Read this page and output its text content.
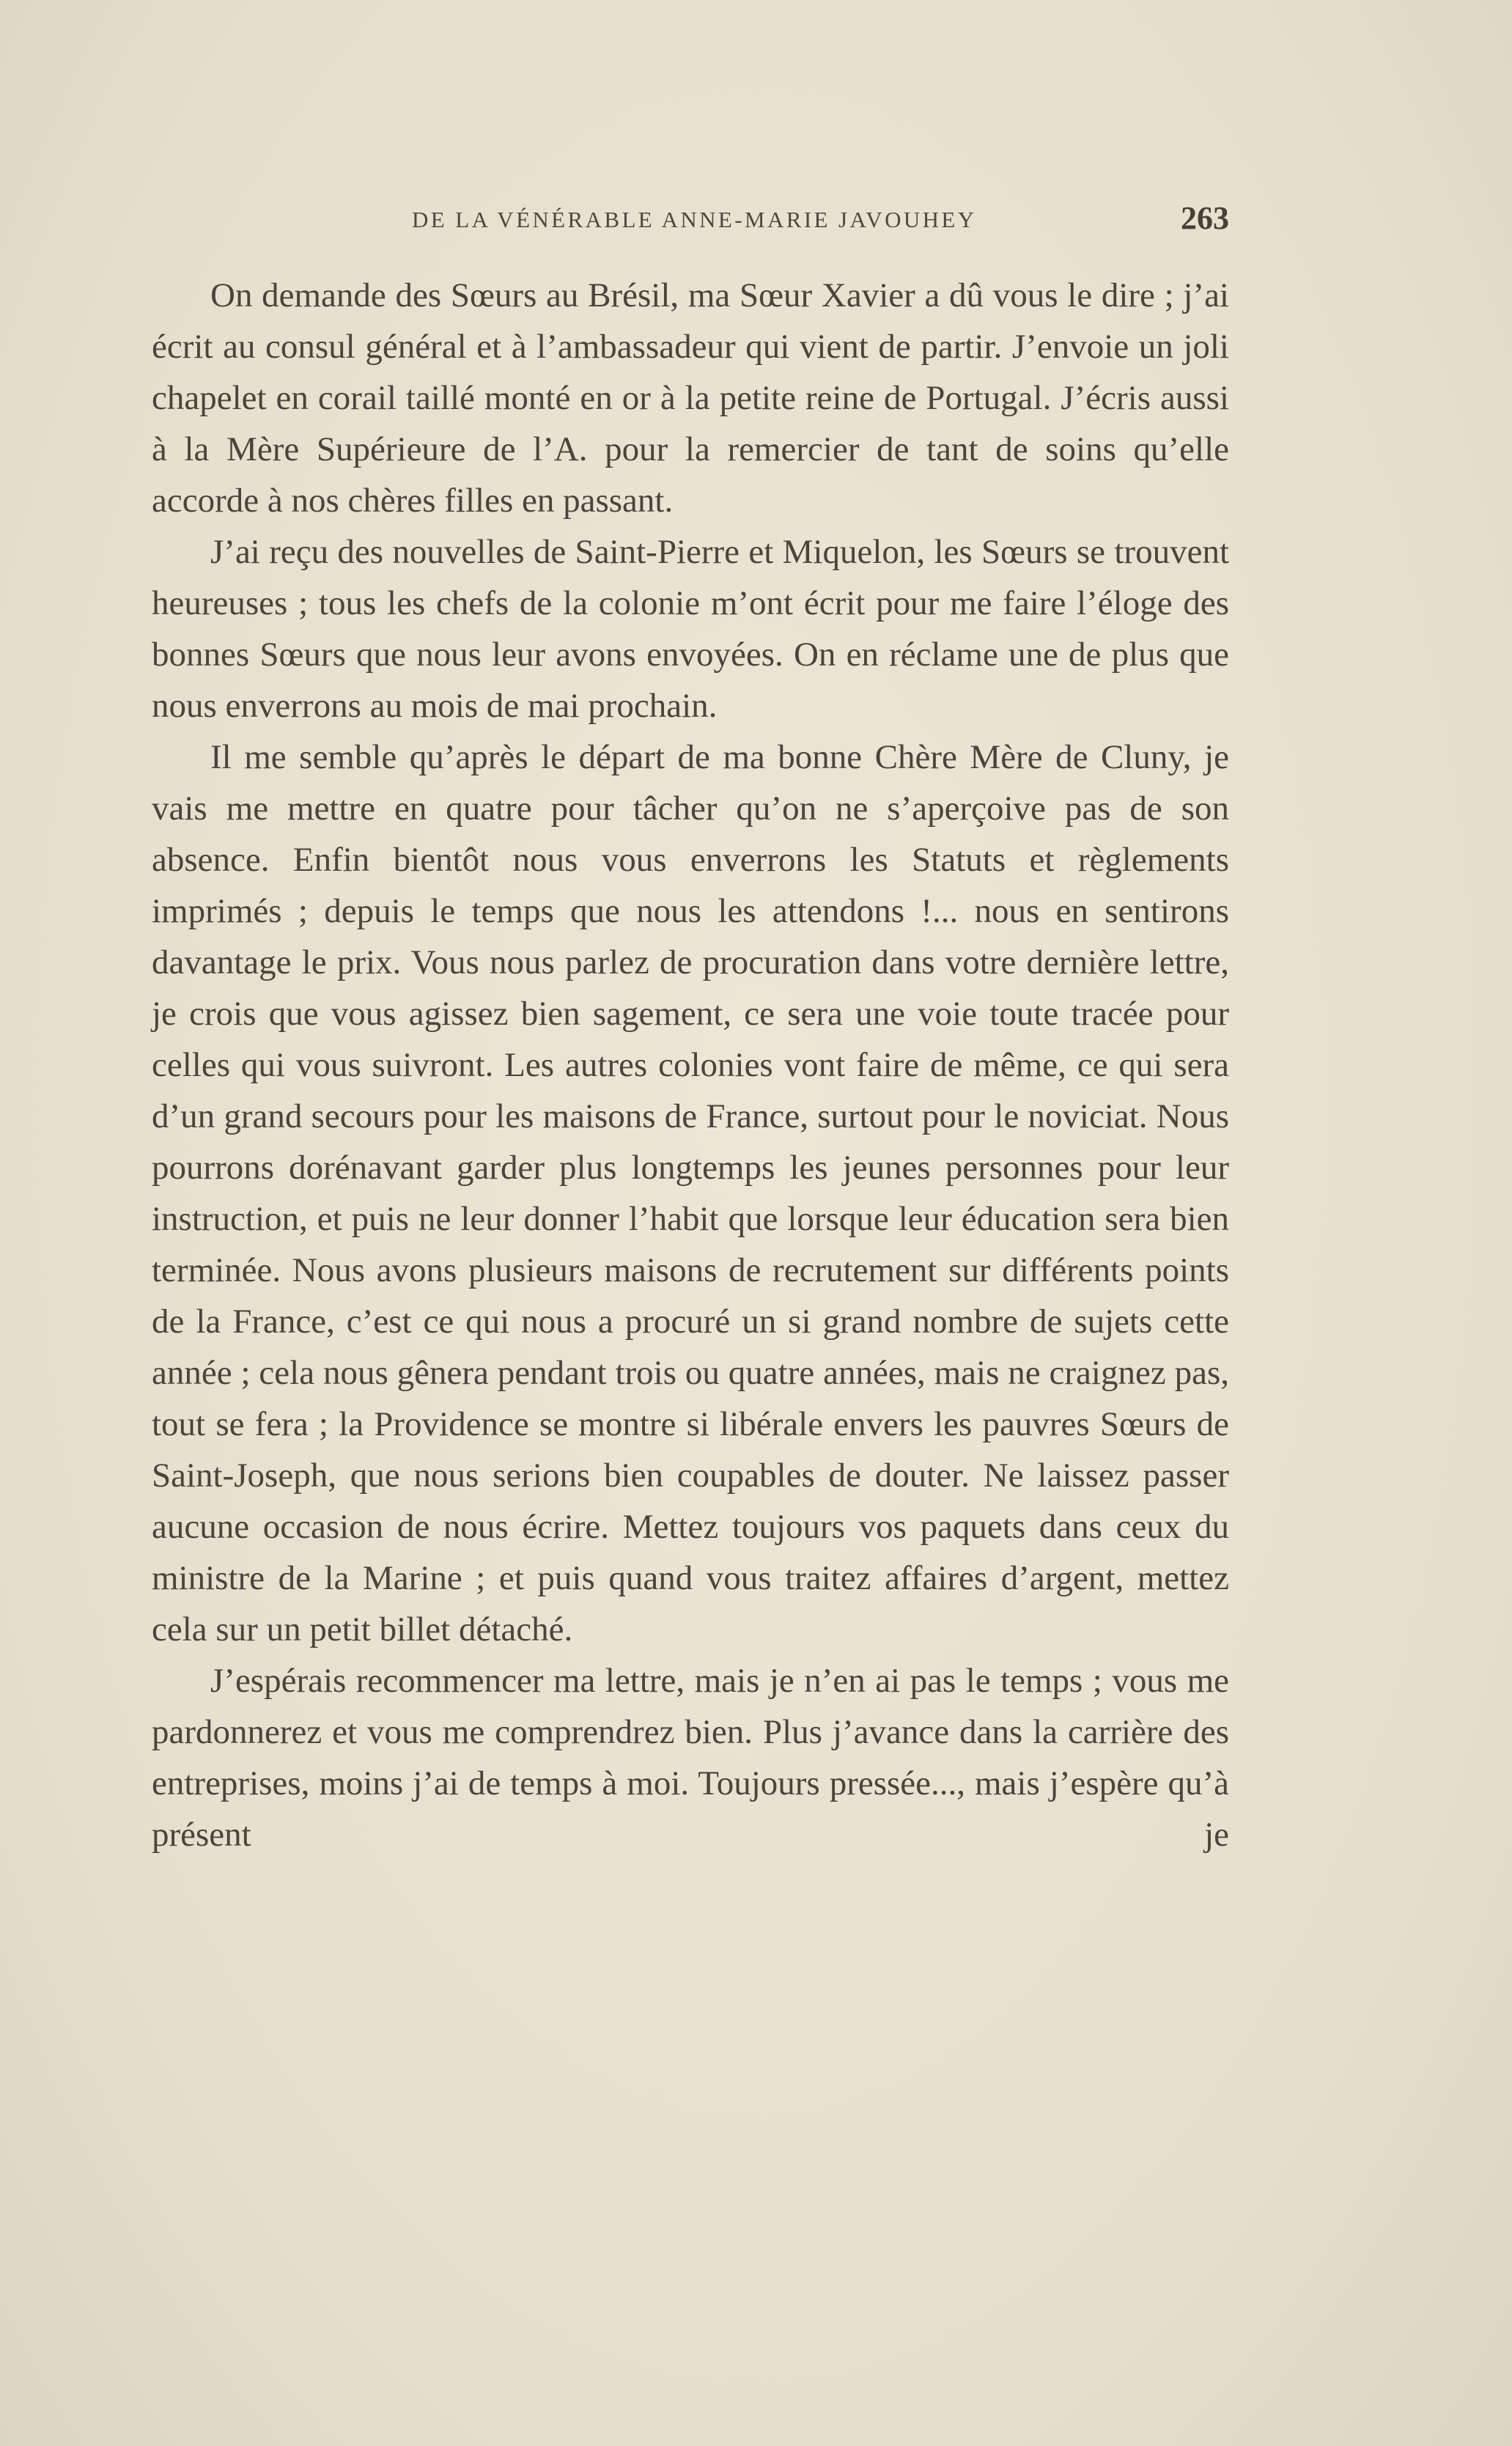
DE LA VÉNÉRABLE ANNE-MARIE JAVOUHEY	263

On demande des Sœurs au Brésil, ma Sœur Xavier a dû vous le dire ; j’ai écrit au consul général et à l’ambassadeur qui vient de partir. J’envoie un joli chapelet en corail taillé monté en or à la petite reine de Portugal. J’écris aussi à la Mère Supérieure de l’A. pour la remercier de tant de soins qu’elle accorde à nos chères filles en passant.

J’ai reçu des nouvelles de Saint-Pierre et Miquelon, les Sœurs se trouvent heureuses ; tous les chefs de la colonie m’ont écrit pour me faire l’éloge des bonnes Sœurs que nous leur avons envoyées. On en réclame une de plus que nous enverrons au mois de mai prochain.

Il me semble qu’après le départ de ma bonne Chère Mère de Cluny, je vais me mettre en quatre pour tâcher qu’on ne s’aperçoive pas de son absence. Enfin bientôt nous vous enverrons les Statuts et règlements imprimés ; depuis le temps que nous les attendons !... nous en sentirons davantage le prix. Vous nous parlez de procuration dans votre dernière lettre, je crois que vous agissez bien sagement, ce sera une voie toute tracée pour celles qui vous suivront. Les autres colonies vont faire de même, ce qui sera d’un grand secours pour les maisons de France, surtout pour le noviciat. Nous pourrons dorénavant garder plus longtemps les jeunes personnes pour leur instruction, et puis ne leur donner l’habit que lorsque leur éducation sera bien terminée. Nous avons plusieurs maisons de recrutement sur différents points de la France, c’est ce qui nous a procuré un si grand nombre de sujets cette année ; cela nous gênera pendant trois ou quatre années, mais ne craignez pas, tout se fera ; la Providence se montre si libérale envers les pauvres Sœurs de Saint-Joseph, que nous serions bien coupables de douter. Ne laissez passer aucune occasion de nous écrire. Mettez toujours vos paquets dans ceux du ministre de la Marine ; et puis quand vous traitez affaires d’argent, mettez cela sur un petit billet détaché.

J’espérais recommencer ma lettre, mais je n’en ai pas le temps ; vous me pardonnerez et vous me comprendrez bien. Plus j’avance dans la carrière des entreprises, moins j’ai de temps à moi. Toujours pressée..., mais j’espère qu’à présent je
